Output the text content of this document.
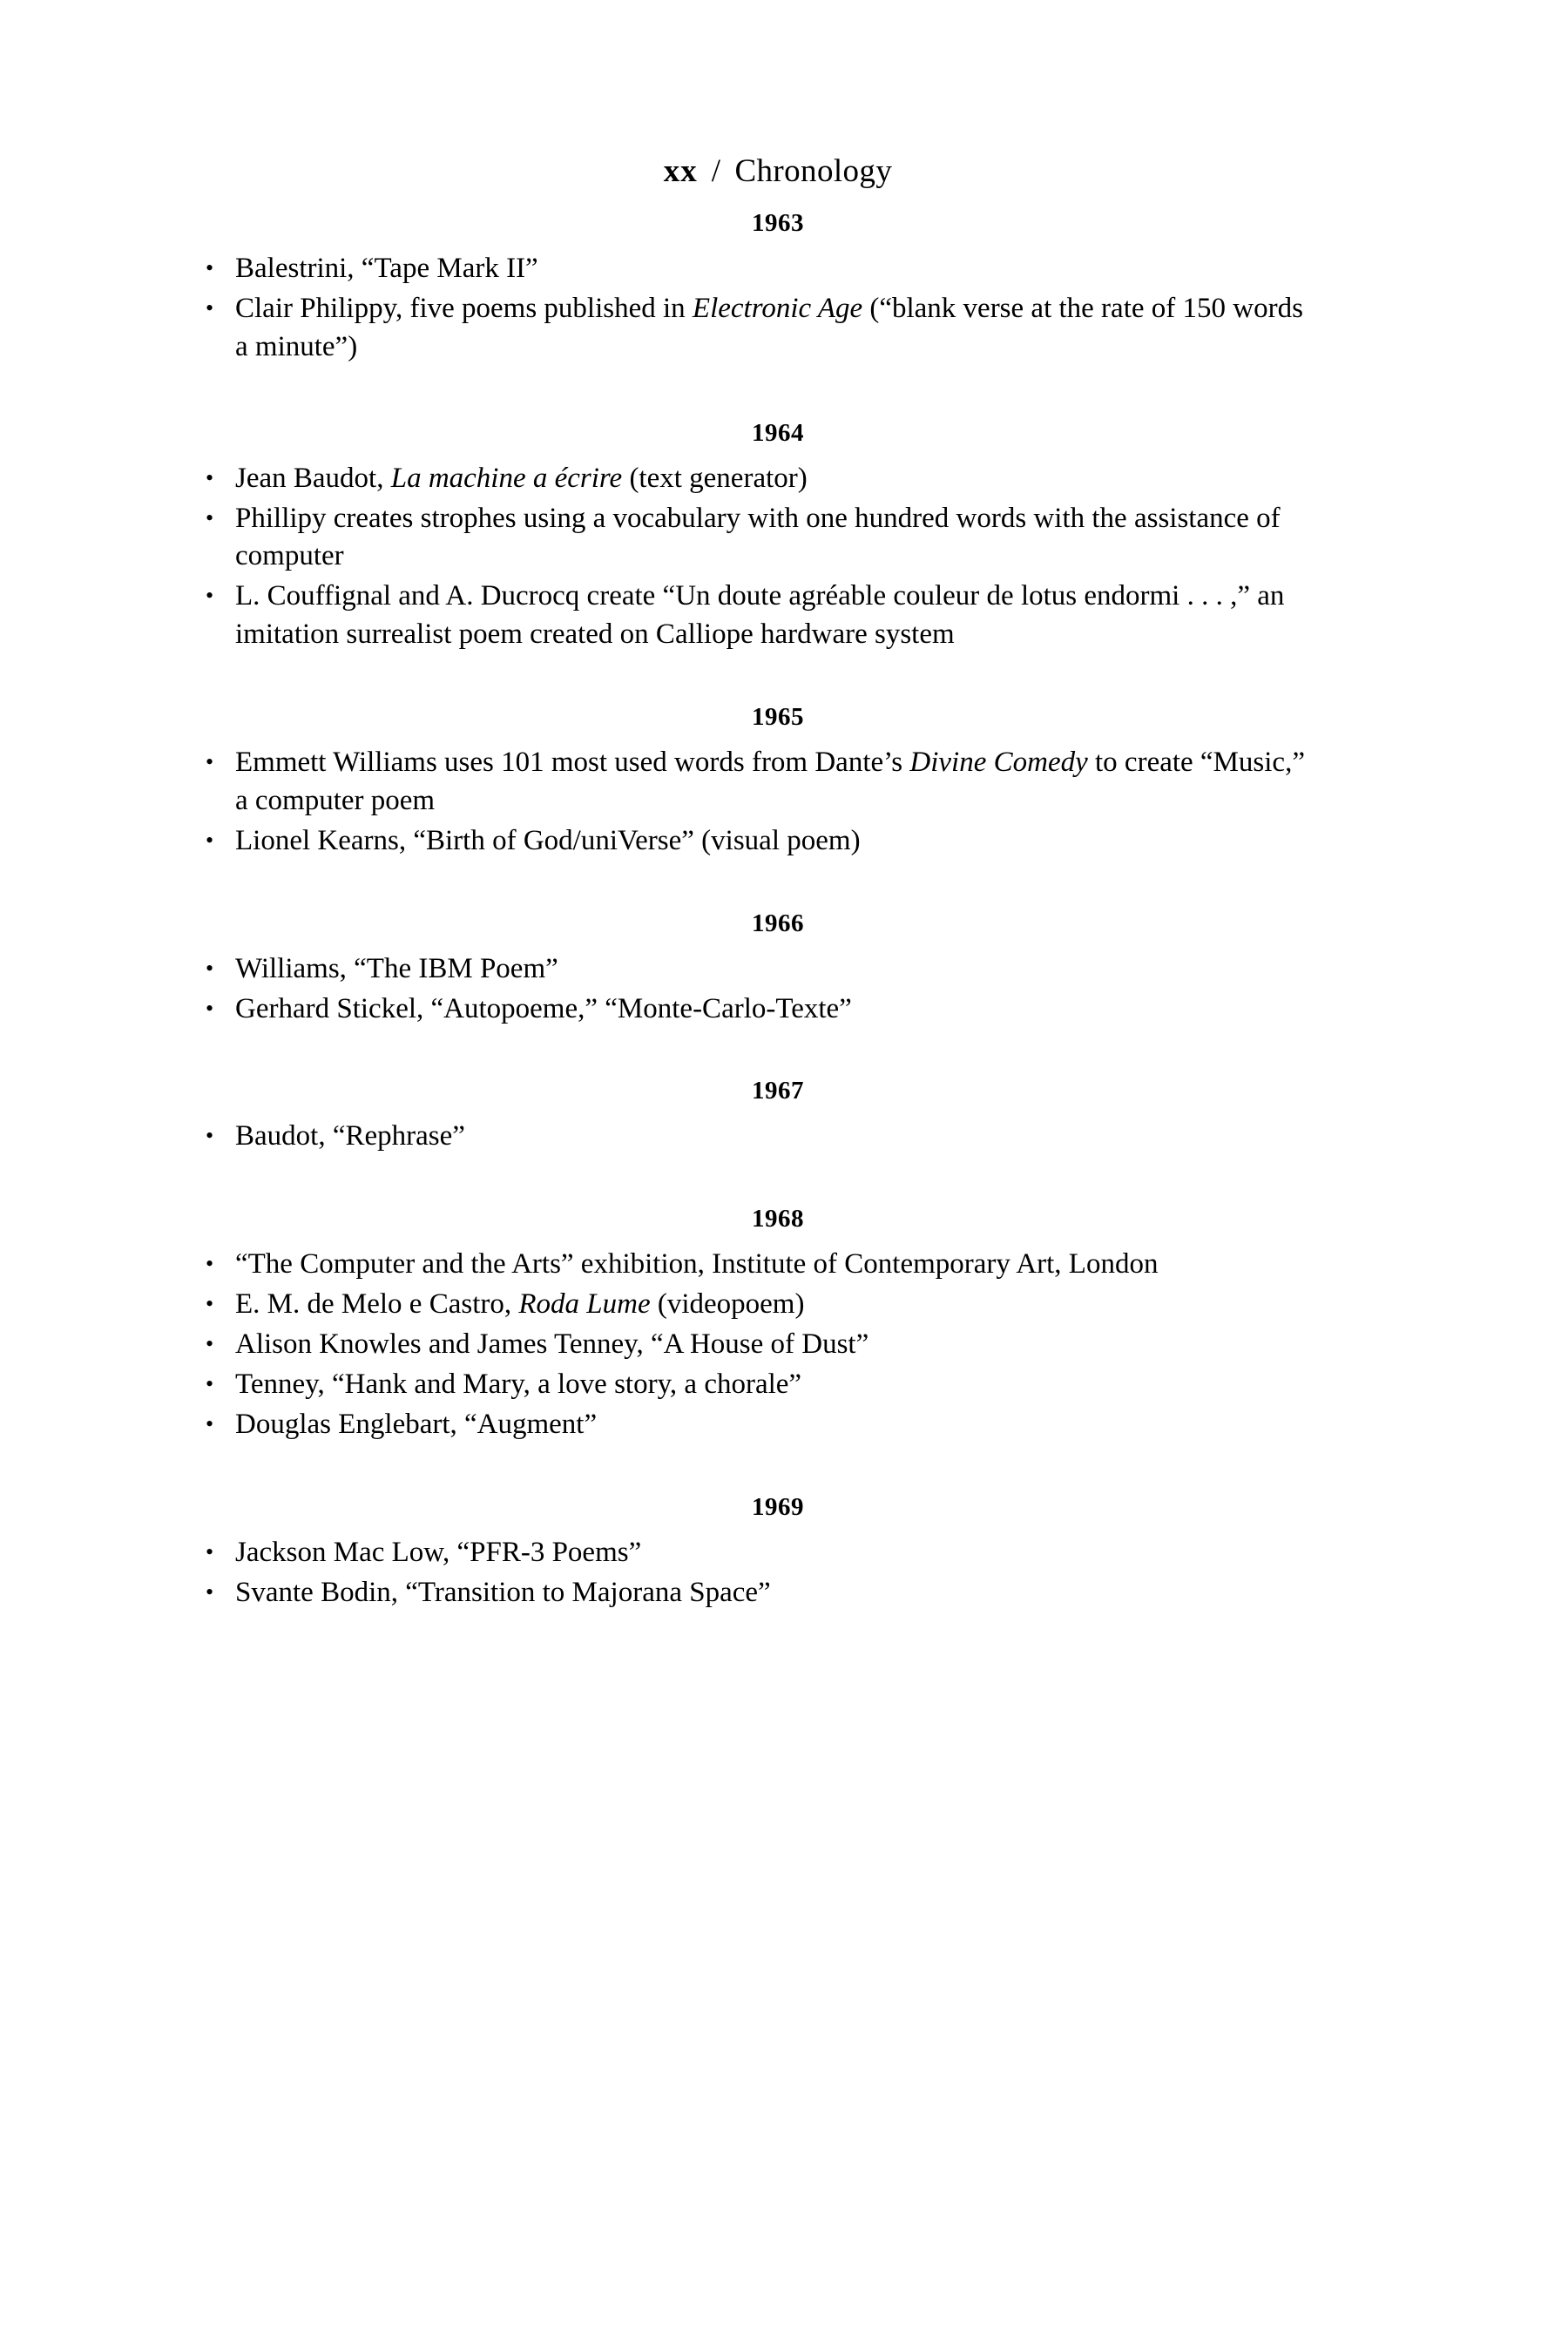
xx / Chronology
1963
• Balestrini, “Tape Mark II”
• Clair Philippy, five poems published in Electronic Age (“blank verse at the rate of 150 words a minute”)
1964
• Jean Baudot, La machine a écrire (text generator)
• Phillipy creates strophes using a vocabulary with one hundred words with the assistance of computer
• L. Couffignal and A. Ducrocq create “Un doute agréable couleur de lotus endormi . . . ,” an imitation surrealist poem created on Calliope hardware system
1965
• Emmett Williams uses 101 most used words from Dante’s Divine Comedy to create “Music,” a computer poem
• Lionel Kearns, “Birth of God/uniVerse” (visual poem)
1966
• Williams, “The IBM Poem”
• Gerhard Stickel, “Autopoeme,” “Monte-Carlo-Texte”
1967
• Baudot, “Rephrase”
1968
• “The Computer and the Arts” exhibition, Institute of Contemporary Art, London
• E. M. de Melo e Castro, Roda Lume (videopoem)
• Alison Knowles and James Tenney, “A House of Dust”
• Tenney, “Hank and Mary, a love story, a chorale”
• Douglas Englebart, “Augment”
1969
• Jackson Mac Low, “PFR-3 Poems”
• Svante Bodin, “Transition to Majorana Space”
